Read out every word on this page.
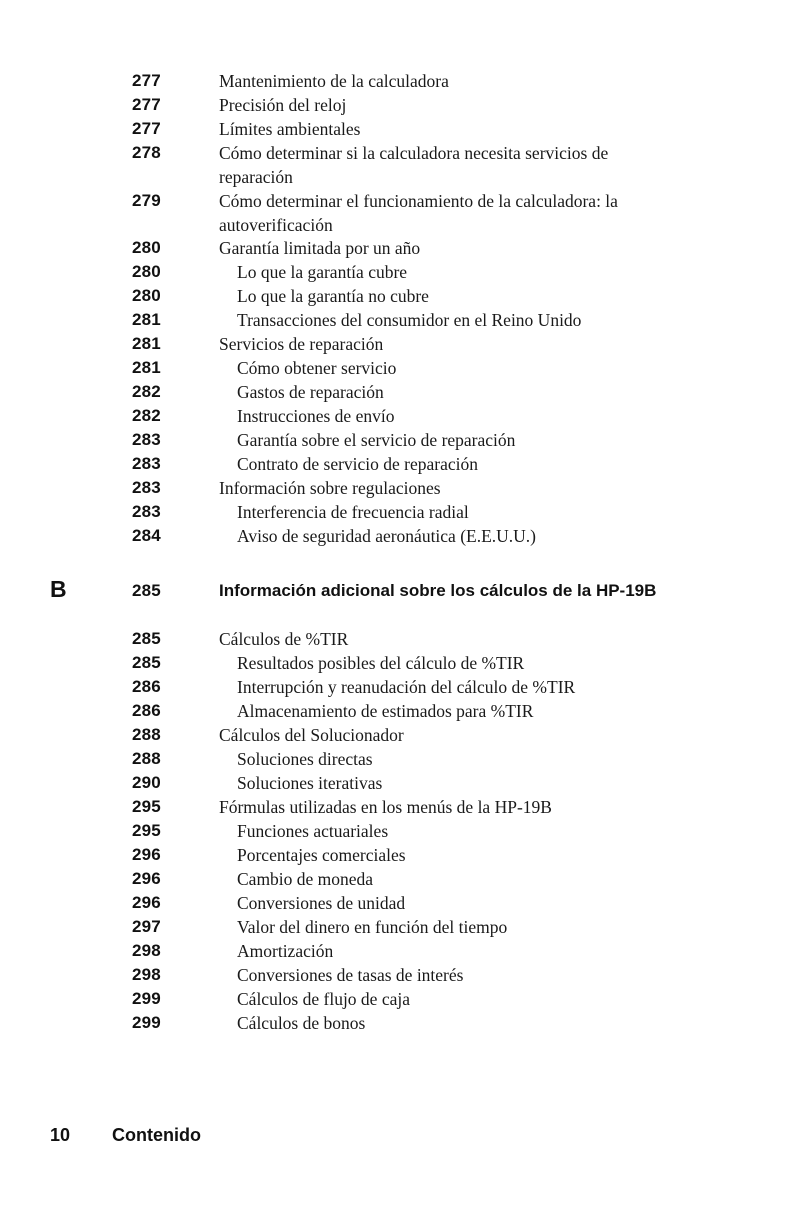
277	Mantenimiento de la calculadora
277	Precisión del reloj
277	Límites ambientales
278	Cómo determinar si la calculadora necesita servicios de reparación
279	Cómo determinar el funcionamiento de la calculadora: la autoverificación
280	Garantía limitada por un año
280	Lo que la garantía cubre
280	Lo que la garantía no cubre
281	Transacciones del consumidor en el Reino Unido
281	Servicios de reparación
281	Cómo obtener servicio
282	Gastos de reparación
282	Instrucciones de envío
283	Garantía sobre el servicio de reparación
283	Contrato de servicio de reparación
283	Información sobre regulaciones
283	Interferencia de frecuencia radial
284	Aviso de seguridad aeronáutica (E.E.U.U.)
B	285	Información adicional sobre los cálculos de la HP-19B
285	Cálculos de %TIR
285	Resultados posibles del cálculo de %TIR
286	Interrupción y reanudación del cálculo de %TIR
286	Almacenamiento de estimados para %TIR
288	Cálculos del Solucionador
288	Soluciones directas
290	Soluciones iterativas
295	Fórmulas utilizadas en los menús de la HP-19B
295	Funciones actuariales
296	Porcentajes comerciales
296	Cambio de moneda
296	Conversiones de unidad
297	Valor del dinero en función del tiempo
298	Amortización
298	Conversiones de tasas de interés
299	Cálculos de flujo de caja
299	Cálculos de bonos
10 Contenido
